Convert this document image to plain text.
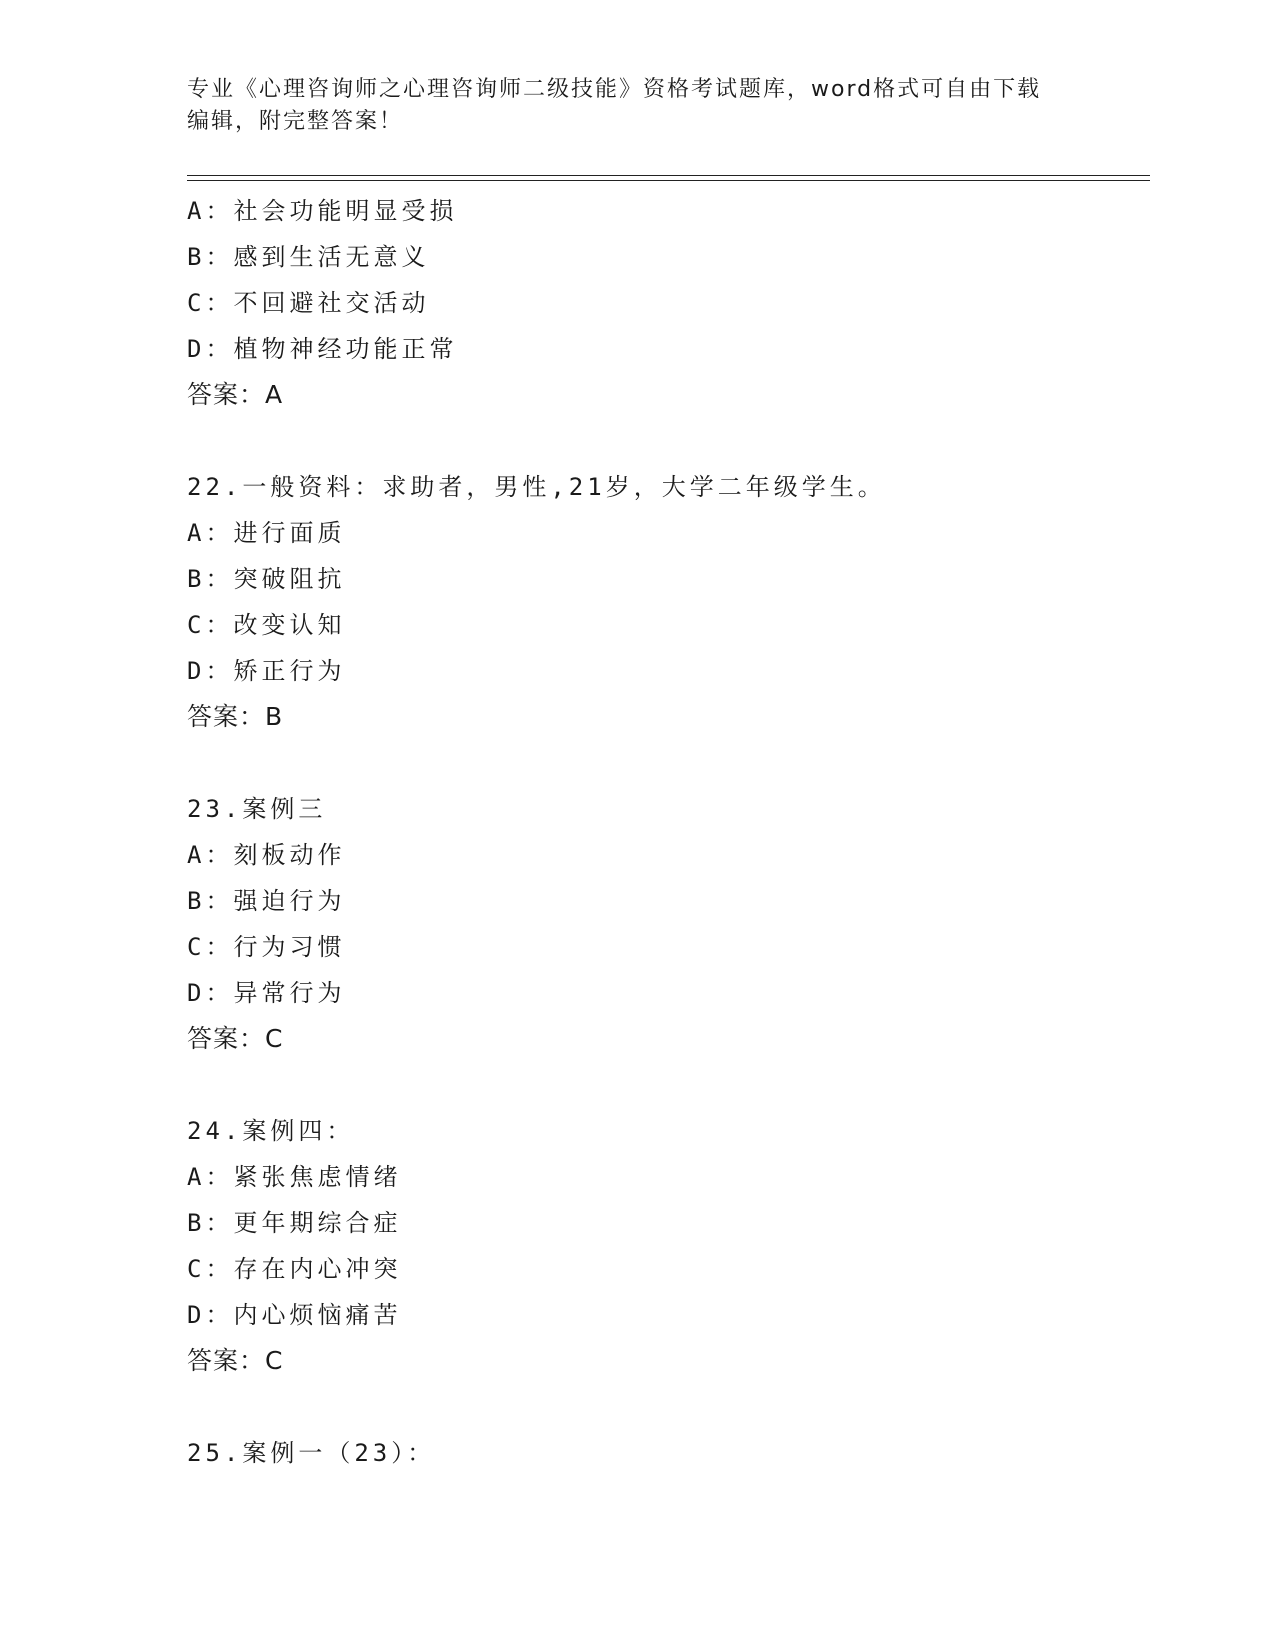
专业《心理咨询师之心理咨询师二级技能》资格考试题库，word格式可自由下载
编辑，附完整答案！
A：社会功能明显受损
B：感到生活无意义
C：不回避社交活动
D：植物神经功能正常
答案：A
22.一般资料：求助者，男性,21岁，大学二年级学生。
A：进行面质
B：突破阻抗
C：改变认知
D：矫正行为
答案：B
23.案例三
A：刻板动作
B：强迫行为
C：行为习惯
D：异常行为
答案：C
24.案例四：
A：紧张焦虑情绪
B：更年期综合症
C：存在内心冲突
D：内心烦恼痛苦
答案：C
25.案例一（23）：
